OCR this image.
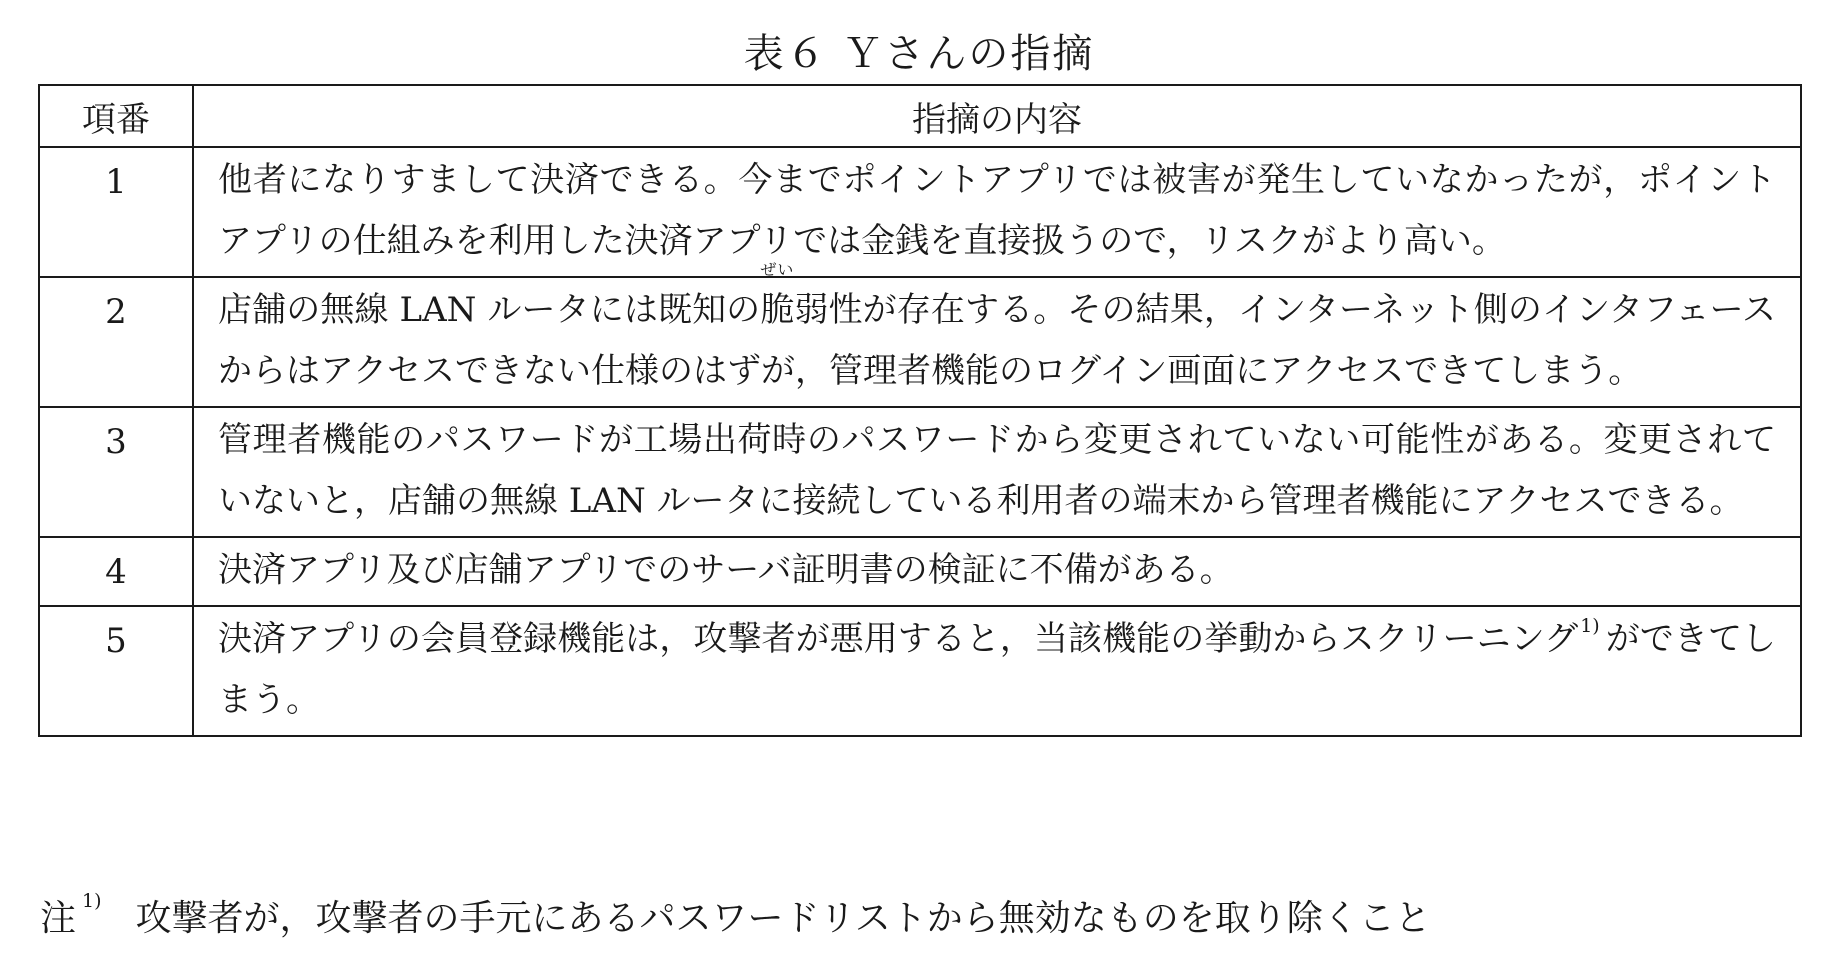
表６ Ｙさんの指摘
項番	指摘の内容
1	他者になりすまして決済できる。今までポイントアプリでは被害が発生していなかったが，ポイントアプリの仕組みを利用した決済アプリでは金銭を直接扱うので，リスクがより高い。
2	店舗の無線 LAN ルータには既知の
ぜい
脆弱性が存在する。その結果，インターネット側のインタフェースからはアクセスできない仕様のはずが，管理者機能のログイン画面にアクセスできてしまう。
3	管理者機能のパスワードが工場出荷時のパスワードから変更されていない可能性がある。変更されていないと，店舗の無線 LAN ルータに接続している利用者の端末から管理者機能にアクセスできる。
4	決済アプリ及び店舗アプリでのサーバ証明書の検証に不備がある。
5	決済アプリの会員登録機能は，攻撃者が悪用すると，当該機能の挙動からスクリーニング $^{1)}$ ができてしまう。
注 $^{1)}$ 攻撃者が，攻撃者の手元にあるパスワードリストから無効なものを取り除くこと
